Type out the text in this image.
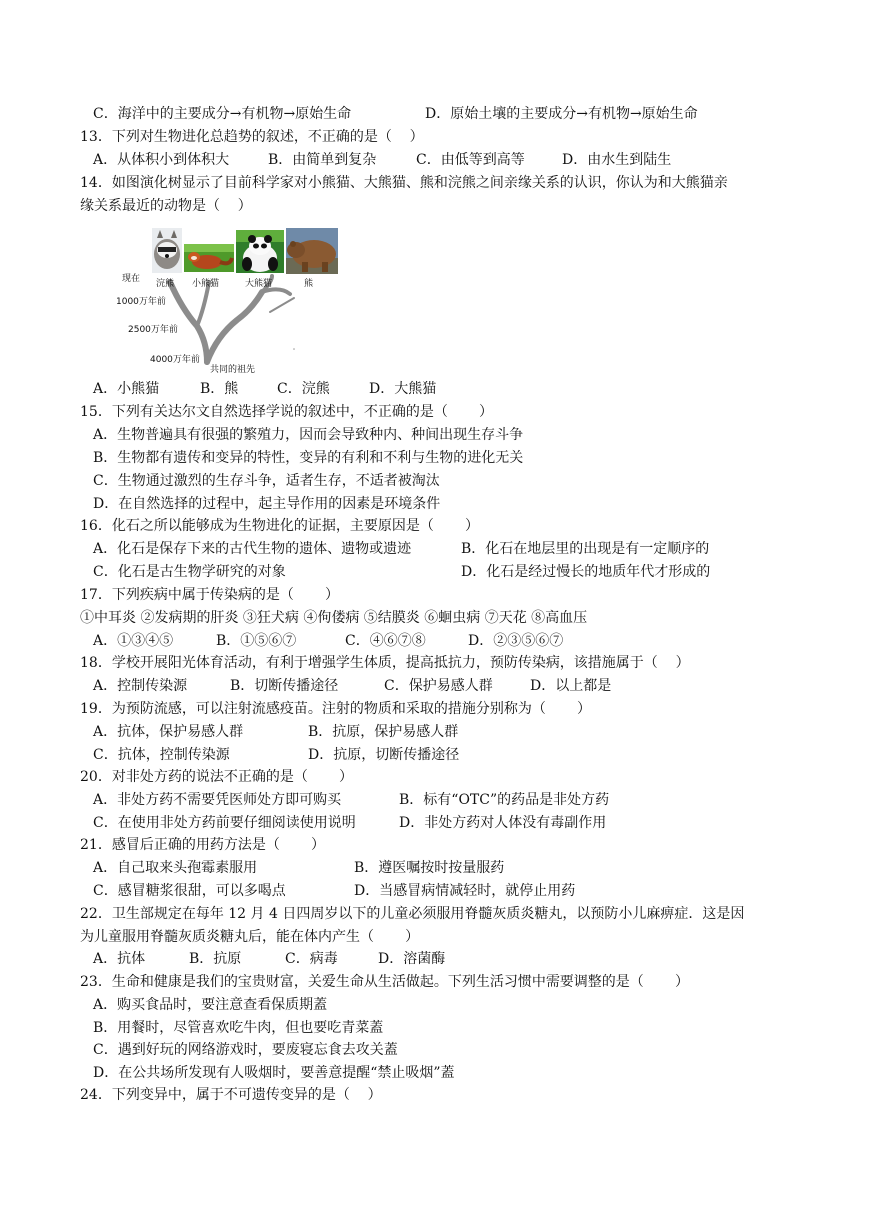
C．海洋中的主要成分→有机物→原始生命	D．原始土壤的主要成分→有机物→原始生命
13．下列对生物进化总趋势的叙述，不正确的是（    ）
A．从体积小到体积大	B．由简单到复杂	C．由低等到高等	D．由水生到陆生
14．如图演化树显示了目前科学家对小熊猫、大熊猫、熊和浣熊之间亲缘关系的认识，你认为和大熊猫亲
缘关系最近的动物是（    ）
现在
1000万年前
2500万年前
4000万年前
共同的祖先
浣熊 小熊猫	大熊猫	熊
A．小熊猫	B．熊	C．浣熊	D．大熊猫
15．下列有关达尔文自然选择学说的叙述中，不正确的是（       ）
A．生物普遍具有很强的繁殖力，因而会导致种内、种间出现生存斗争
B．生物都有遗传和变异的特性，变异的有利和不利与生物的进化无关
C．生物通过激烈的生存斗争，适者生存，不适者被淘汰
D．在自然选择的过程中，起主导作用的因素是环境条件
16．化石之所以能够成为生物进化的证据，主要原因是（       ）
A．化石是保存下来的古代生物的遗体、遗物或遗迹	B．化石在地层里的出现是有一定顺序的
C．化石是古生物学研究的对象	D．化石是经过慢长的地质年代才形成的
17．下列疾病中属于传染病的是（       ）
①中耳炎 ②发病期的肝炎 ③狂犬病 ④佝偻病 ⑤结膜炎 ⑥蛔虫病 ⑦天花 ⑧高血压
A．①③④⑤	B．①⑤⑥⑦	C．④⑥⑦⑧	D．②③⑤⑥⑦
18．学校开展阳光体育活动，有利于增强学生体质，提高抵抗力，预防传染病，该措施属于（    ）
A．控制传染源	B．切断传播途径	C．保护易感人群	D．以上都是
19．为预防流感，可以注射流感疫苗。注射的物质和采取的措施分别称为（       ）
A．抗体，保护易感人群	B．抗原，保护易感人群
C．抗体，控制传染源	D．抗原，切断传播途径
20．对非处方药的说法不正确的是（       ）
A．非处方药不需要凭医师处方即可购买	B．标有“OTC”的药品是非处方药
C．在使用非处方药前要仔细阅读使用说明	D．非处方药对人体没有毒副作用
21．感冒后正确的用药方法是（       ）
A．自己取来头孢霉素服用	B．遵医嘱按时按量服药
C．感冒糖浆很甜，可以多喝点	D．当感冒病情减轻时，就停止用药
22．卫生部规定在每年 12 月 4 日四周岁以下的儿童必须服用脊髓灰质炎糖丸，以预防小儿麻痹症．这是因
为儿童服用脊髓灰质炎糖丸后，能在体内产生（       ）
A．抗体	B．抗原	C．病毒	D．溶菌酶
23．生命和健康是我们的宝贵财富，关爱生命从生活做起。下列生活习惯中需要调整的是（       ）
A．购买食品时，要注意查看保质期蓋
B．用餐时，尽管喜欢吃牛肉，但也要吃青菜蓋
C．遇到好玩的网络游戏时，要废寝忘食去攻关蓋
D．在公共场所发现有人吸烟时，要善意提醒“禁止吸烟”蓋
24．下列变异中，属于不可遗传变异的是（    ）
